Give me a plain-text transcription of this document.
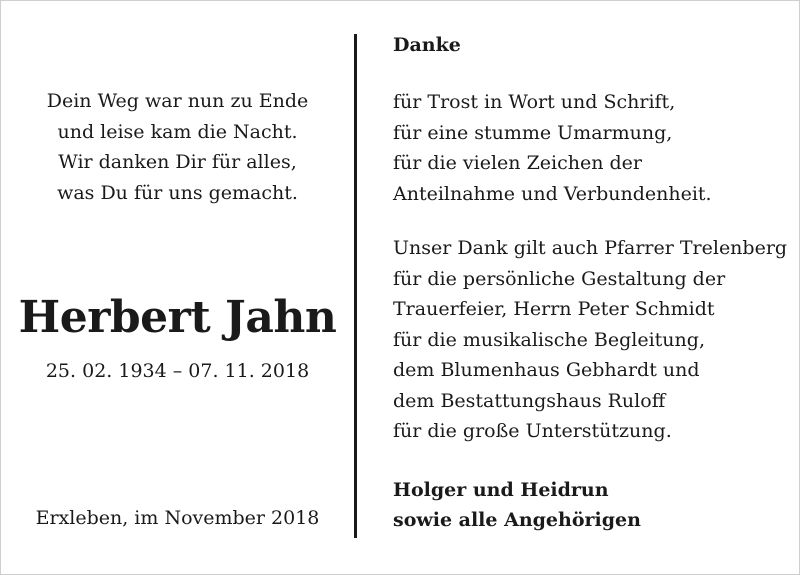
Dein Weg war nun zu Ende
und leise kam die Nacht.
Wir danken Dir für alles,
was Du für uns gemacht.
Herbert Jahn
25. 02. 1934 – 07. 11. 2018
Erxleben, im November 2018
Danke
für Trost in Wort und Schrift,
für eine stumme Umarmung,
für die vielen Zeichen der
Anteilnahme und Verbundenheit.
Unser Dank gilt auch Pfarrer Trelenberg
für die persönliche Gestaltung der
Trauerfeier, Herrn Peter Schmidt
für die musikalische Begleitung,
dem Blumenhaus Gebhardt und
dem Bestattungshaus Ruloff
für die große Unterstützung.
Holger und Heidrun
sowie alle Angehörigen
